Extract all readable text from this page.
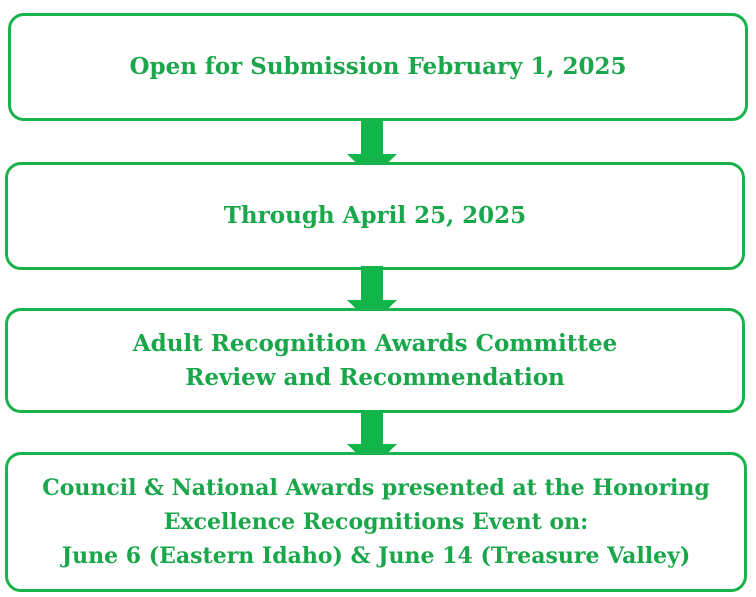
Open for Submission February 1, 2025
Through April 25, 2025
Adult Recognition Awards Committee
Review and Recommendation
Council & National Awards presented at the Honoring
Excellence Recognitions Event on:
June 6 (Eastern Idaho) & June 14 (Treasure Valley)
